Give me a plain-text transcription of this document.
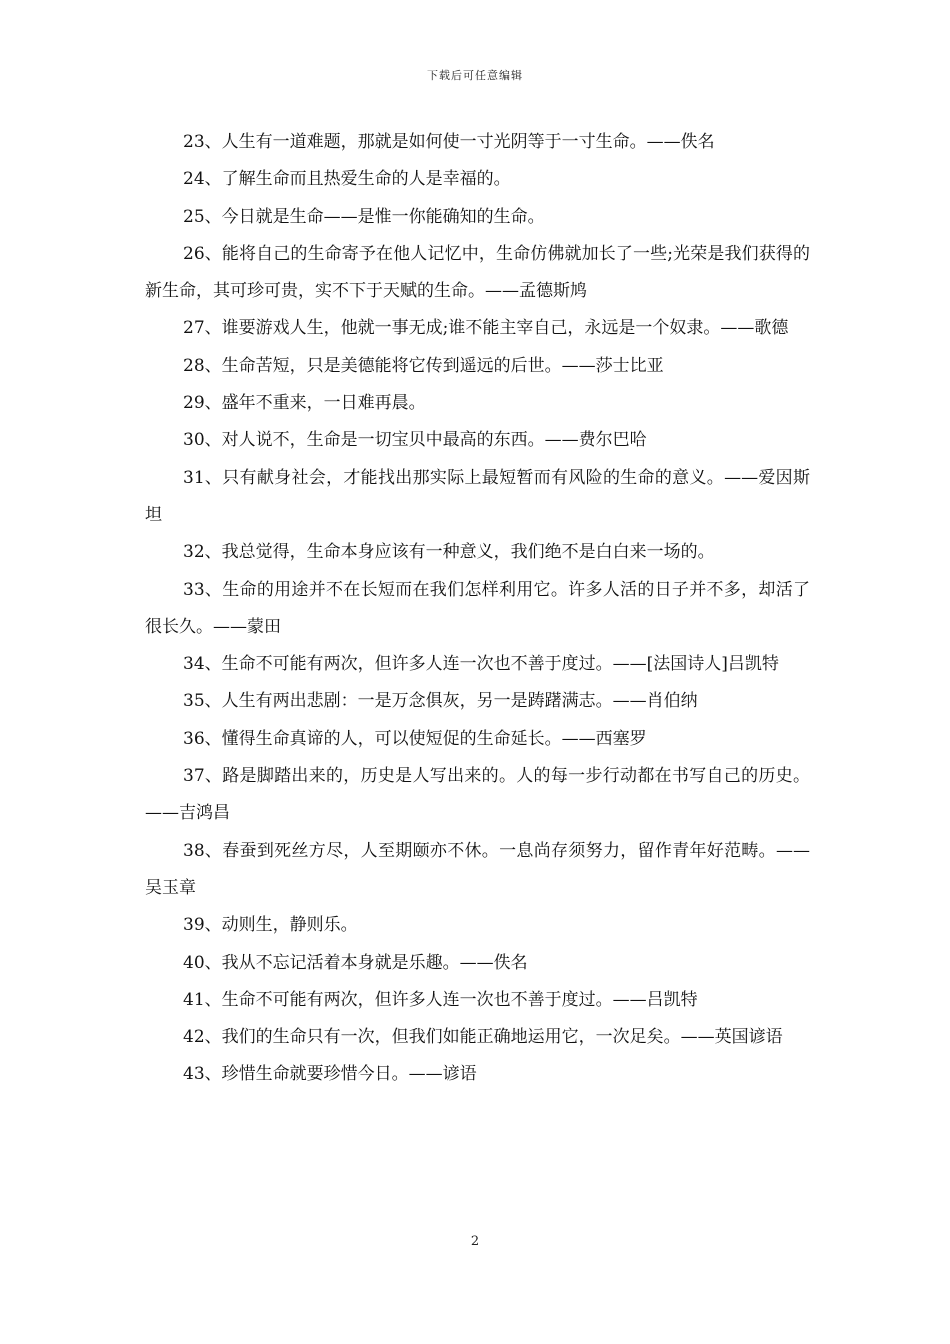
下载后可任意编辑

23、人生有一道难题，那就是如何使一寸光阴等于一寸生命。——佚名

24、了解生命而且热爱生命的人是幸福的。

25、今日就是生命——是惟一你能确知的生命。

26、能将自己的生命寄予在他人记忆中，生命仿佛就加长了一些;光荣是我们获得的新生命，其可珍可贵，实不下于天赋的生命。——孟德斯鸠

27、谁要游戏人生，他就一事无成;谁不能主宰自己，永远是一个奴隶。——歌德

28、生命苦短，只是美德能将它传到遥远的后世。——莎士比亚

29、盛年不重来，一日难再晨。

30、对人说不，生命是一切宝贝中最高的东西。——费尔巴哈

31、只有献身社会，才能找出那实际上最短暂而有风险的生命的意义。——爱因斯坦

32、我总觉得，生命本身应该有一种意义，我们绝不是白白来一场的。

33、生命的用途并不在长短而在我们怎样利用它。许多人活的日子并不多，却活了很长久。——蒙田

34、生命不可能有两次，但许多人连一次也不善于度过。——[法国诗人]吕凯特

35、人生有两出悲剧：一是万念俱灰，另一是踌躇满志。——肖伯纳

36、懂得生命真谛的人，可以使短促的生命延长。——西塞罗

37、路是脚踏出来的，历史是人写出来的。人的每一步行动都在书写自己的历史。——吉鸿昌

38、春蚕到死丝方尽，人至期颐亦不休。一息尚存须努力，留作青年好范畴。——吴玉章

39、动则生，静则乐。

40、我从不忘记活着本身就是乐趣。——佚名

41、生命不可能有两次，但许多人连一次也不善于度过。——吕凯特

42、我们的生命只有一次，但我们如能正确地运用它，一次足矣。——英国谚语

43、珍惜生命就要珍惜今日。——谚语

2
